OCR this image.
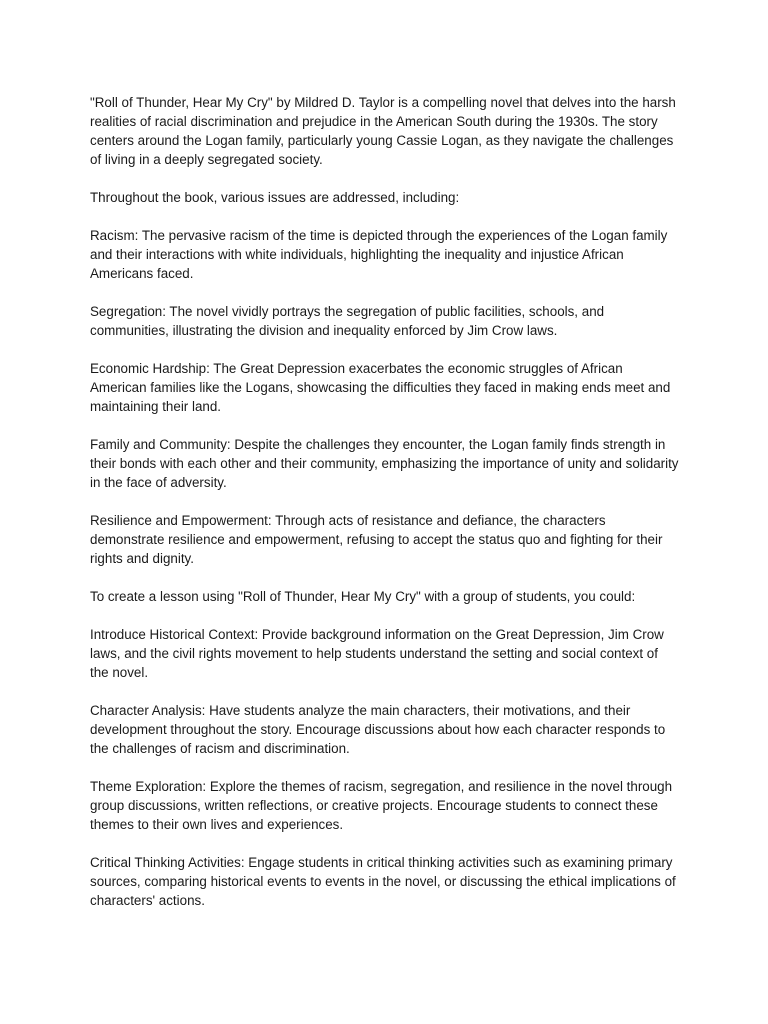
"Roll of Thunder, Hear My Cry" by Mildred D. Taylor is a compelling novel that delves into the harsh realities of racial discrimination and prejudice in the American South during the 1930s. The story centers around the Logan family, particularly young Cassie Logan, as they navigate the challenges of living in a deeply segregated society.

Throughout the book, various issues are addressed, including:

Racism: The pervasive racism of the time is depicted through the experiences of the Logan family and their interactions with white individuals, highlighting the inequality and injustice African Americans faced.

Segregation: The novel vividly portrays the segregation of public facilities, schools, and communities, illustrating the division and inequality enforced by Jim Crow laws.

Economic Hardship: The Great Depression exacerbates the economic struggles of African American families like the Logans, showcasing the difficulties they faced in making ends meet and maintaining their land.

Family and Community: Despite the challenges they encounter, the Logan family finds strength in their bonds with each other and their community, emphasizing the importance of unity and solidarity in the face of adversity.

Resilience and Empowerment: Through acts of resistance and defiance, the characters demonstrate resilience and empowerment, refusing to accept the status quo and fighting for their rights and dignity.

To create a lesson using "Roll of Thunder, Hear My Cry" with a group of students, you could:

Introduce Historical Context: Provide background information on the Great Depression, Jim Crow laws, and the civil rights movement to help students understand the setting and social context of the novel.

Character Analysis: Have students analyze the main characters, their motivations, and their development throughout the story. Encourage discussions about how each character responds to the challenges of racism and discrimination.

Theme Exploration: Explore the themes of racism, segregation, and resilience in the novel through group discussions, written reflections, or creative projects. Encourage students to connect these themes to their own lives and experiences.

Critical Thinking Activities: Engage students in critical thinking activities such as examining primary sources, comparing historical events to events in the novel, or discussing the ethical implications of characters' actions.
